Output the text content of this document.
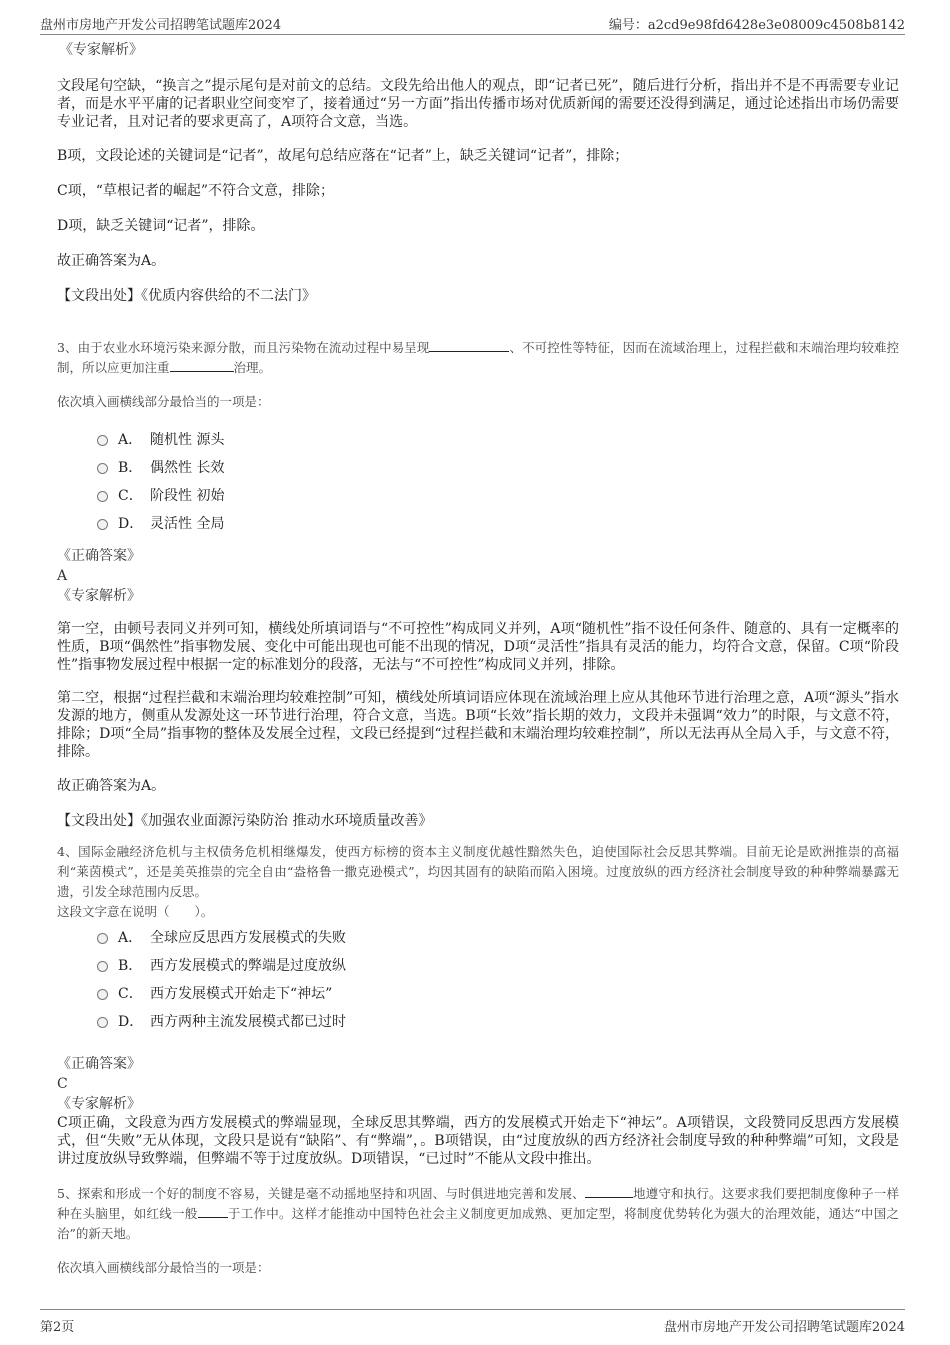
盘州市房地产开发公司招聘笔试题库2024	编号：a2cd9e98fd6428e3e08009c4508b8142
《专家解析》
文段尾句空缺，“换言之”提示尾句是对前文的总结。文段先给出他人的观点，即“记者已死”，随后进行分析，指出并不是不再需要专业记者，而是水平平庸的记者职业空间变窄了，接着通过“另一方面”指出传播市场对优质新闻的需要还没得到满足，通过论述指出市场仍需要专业记者，且对记者的要求更高了，A项符合文意，当选。
B项，文段论述的关键词是“记者”，故尾句总结应落在“记者”上，缺乏关键词“记者”，排除；
C项，“草根记者的崛起”不符合文意，排除；
D项，缺乏关键词“记者”，排除。
故正确答案为A。
【文段出处】《优质内容供给的不二法门》
3、由于农业水环境污染来源分散，而且污染物在流动过程中易呈现	、不可控性等特征，因而在流域治理上，过程拦截和末端治理均较难控制，所以应更加注重	治理。
依次填入画横线部分最恰当的一项是：
A． 随机性 源头
B． 偶然性 长效
C． 阶段性 初始
D． 灵活性 全局
《正确答案》
A
《专家解析》
第一空，由顿号表同义并列可知，横线处所填词语与“不可控性”构成同义并列，A项“随机性”指不设任何条件、随意的、具有一定概率的性质，B项“偶然性”指事物发展、变化中可能出现也可能不出现的情况，D项“灵活性”指具有灵活的能力，均符合文意，保留。C项“阶段性”指事物发展过程中根据一定的标准划分的段落，无法与“不可控性”构成同义并列，排除。
第二空，根据“过程拦截和末端治理均较难控制”可知，横线处所填词语应体现在流域治理上应从其他环节进行治理之意，A项“源头”指水发源的地方，侧重从发源处这一环节进行治理，符合文意，当选。B项“长效”指长期的效力，文段并未强调“效力”的时限，与文意不符，排除；D项“全局”指事物的整体及发展全过程，文段已经提到“过程拦截和末端治理均较难控制”，所以无法再从全局入手，与文意不符，排除。
故正确答案为A。
【文段出处】《加强农业面源污染防治 推动水环境质量改善》
4、国际金融经济危机与主权债务危机相继爆发，使西方标榜的资本主义制度优越性黯然失色，迫使国际社会反思其弊端。目前无论是欧洲推崇的高福利“莱茵模式”，还是美英推崇的完全自由“盎格鲁一撒克逊模式”，均因其固有的缺陷而陷入困境。过度放纵的西方经济社会制度导致的种种弊端暴露无遗，引发全球范围内反思。
这段文字意在说明（　　）。
A． 全球应反思西方发展模式的失败
B． 西方发展模式的弊端是过度放纵
C． 西方发展模式开始走下“神坛”
D． 西方两种主流发展模式都已过时
《正确答案》
C
《专家解析》
C项正确，文段意为西方发展模式的弊端显现，全球反思其弊端，西方的发展模式开始走下“神坛”。A项错误，文段赞同反思西方发展模式，但“失败”无从体现，文段只是说有“缺陷”、有“弊端”，。B项错误，由“过度放纵的西方经济社会制度导致的种种弊端”可知，文段是讲过度放纵导致弊端，但弊端不等于过度放纵。D项错误，“已过时”不能从文段中推出。
5、探索和形成一个好的制度不容易，关键是毫不动摇地坚持和巩固、与时俱进地完善和发展、	地遵守和执行。这要求我们要把制度像种子一样种在头脑里，如红线一般 于工作中。这样才能推动中国特色社会主义制度更加成熟、更加定型，将制度优势转化为强大的治理效能，通达“中国之治”的新天地。
依次填入画横线部分最恰当的一项是：
第2页	盘州市房地产开发公司招聘笔试题库2024
